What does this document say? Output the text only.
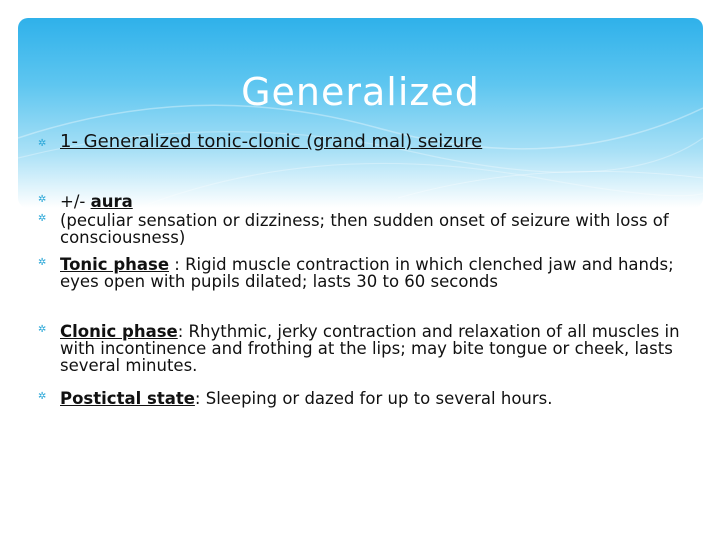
Generalized
✲ 1- Generalized tonic-clonic (grand mal) seizure
✲ +/- aura
✲ (peculiar sensation or dizziness; then sudden onset of seizure with loss of consciousness)
✲ Tonic phase : Rigid muscle contraction in which clenched jaw and hands; eyes open with pupils dilated; lasts 30 to 60 seconds
✲ Clonic phase: Rhythmic, jerky contraction and relaxation of all muscles in with incontinence and frothing at the lips; may bite tongue or cheek, lasts several minutes.
✲ Postictal state: Sleeping or dazed for up to several hours.
